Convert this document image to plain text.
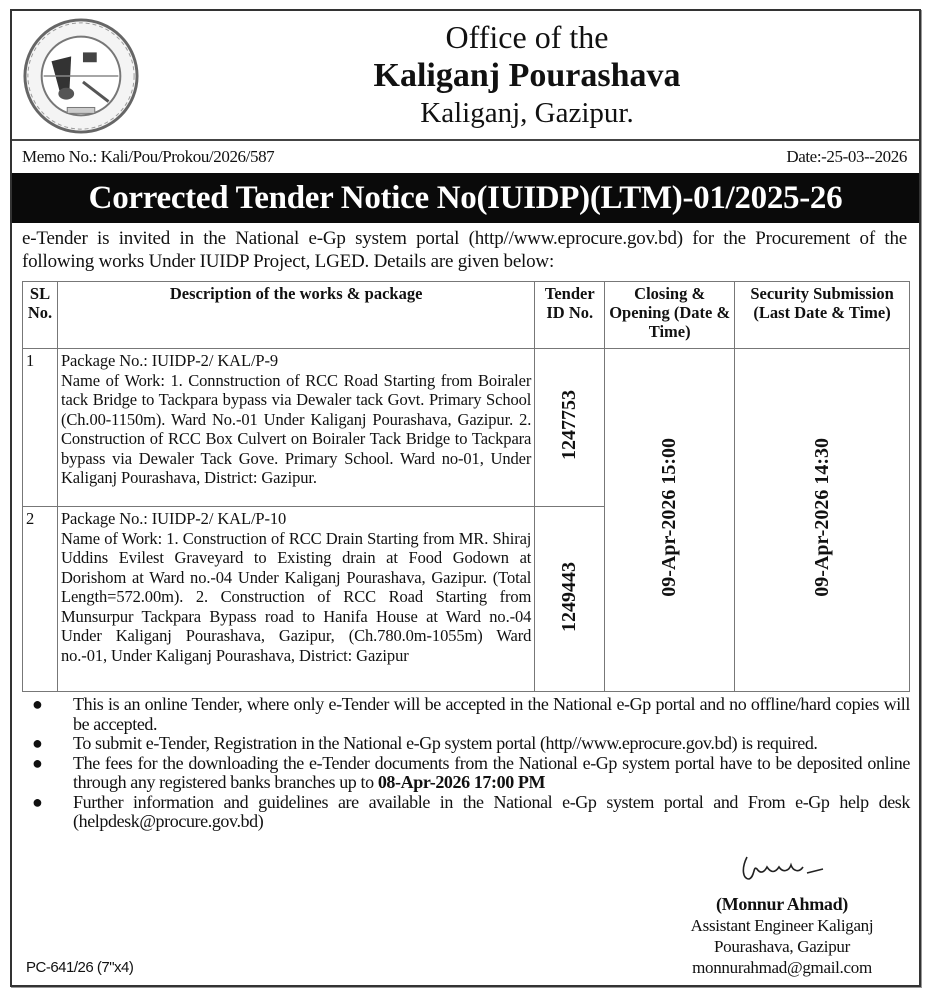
Office of the
Kaliganj Pourashava
Kaliganj, Gazipur.
Memo No.: Kali/Pou/Prokou/2026/587	Date:-25-03--2026
Corrected Tender Notice No(IUIDP)(LTM)-01/2025-26
e-Tender is invited in the National e-Gp system portal (http//www.eprocure.gov.bd) for the Procurement of the following works Under IUIDP Project, LGED. Details are given below:
SL No.	Description of the works & package	Tender ID No.	Closing & Opening (Date & Time)	Security Submission (Last Date & Time)
1	Package No.: IUIDP-2/ KAL/P-9
Name of Work: 1. Connstruction of RCC Road Starting from Boiraler tack Bridge to Tackpara bypass via Dewaler tack Govt. Primary School (Ch.00-1150m). Ward No.-01 Under Kaliganj Pourashava, Gazipur. 2. Construction of RCC Box Culvert on Boiraler Tack Bridge to Tackpara bypass via Dewaler Tack Gove. Primary School. Ward no-01, Under Kaliganj Pourashava, District: Gazipur.	1247753	09-Apr-2026 15:00	09-Apr-2026 14:30
2	Package No.: IUIDP-2/ KAL/P-10
Name of Work: 1. Construction of RCC Drain Starting from MR. Shiraj Uddins Evilest Graveyard to Existing drain at Food Godown at Dorishom at Ward no.-04 Under Kaliganj Pourashava, Gazipur. (Total Length=572.00m). 2. Construction of RCC Road Starting from Munsurpur Tackpara Bypass road to Hanifa House at Ward no.-04 Under Kaliganj Pourashava, Gazipur, (Ch.780.0m-1055m) Ward no.-01, Under Kaliganj Pourashava, District: Gazipur	1249443		
● This is an online Tender, where only e-Tender will be accepted in the National e-Gp portal and no offline/hard copies will be accepted.
● To submit e-Tender, Registration in the National e-Gp system portal (http//www.eprocure.gov.bd) is required.
● The fees for the downloading the e-Tender documents from the National e-Gp system portal have to be deposited online through any registered banks branches up to 08-Apr-2026 17:00 PM
● Further information and guidelines are available in the National e-Gp system portal and From e-Gp help desk (helpdesk@procure.gov.bd)
(Monnur Ahmad)
Assistant Engineer Kaliganj
Pourashava, Gazipur
monnurahmad@gmail.com
PC-641/26 (7"x4)
